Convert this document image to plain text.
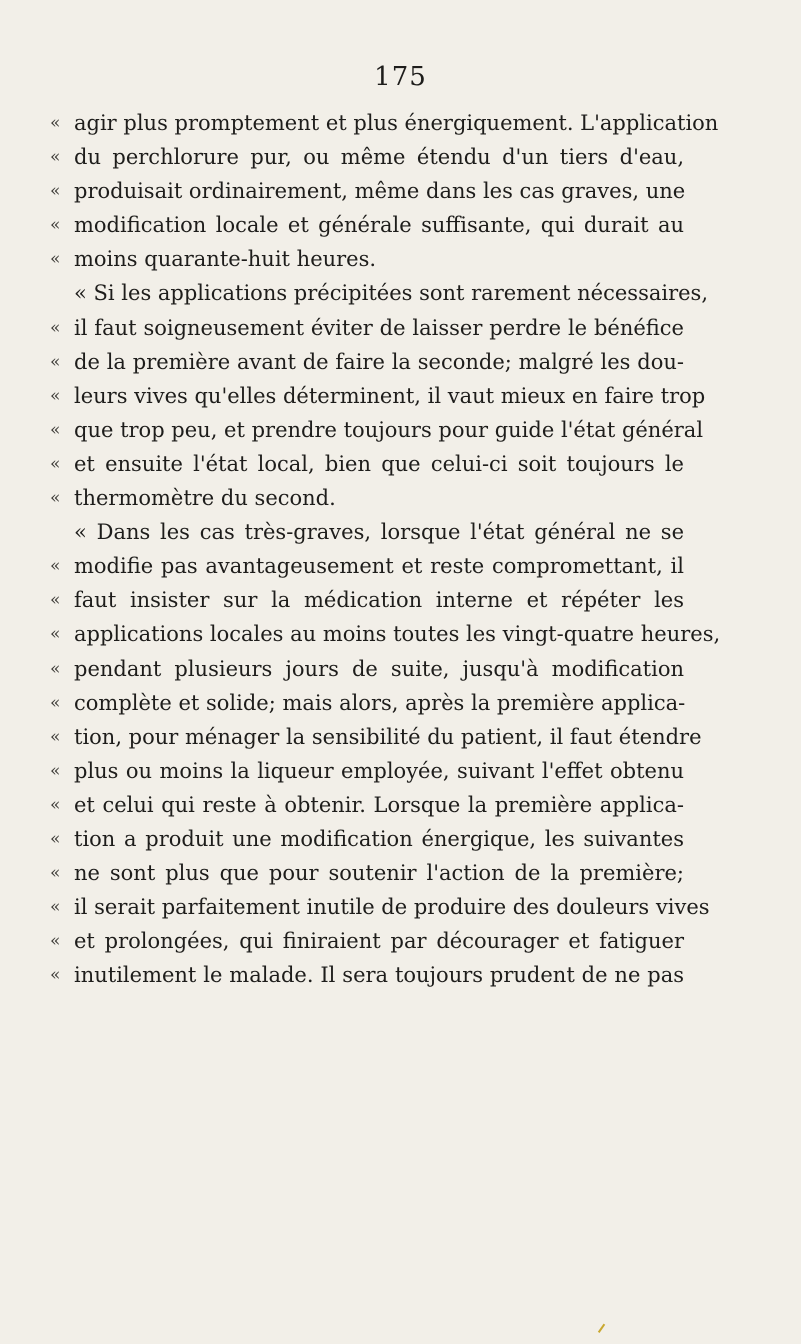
175
« agir plus promptement et plus énergiquement. L'application
« du perchlorure pur, ou même étendu d'un tiers d'eau,
« produisait ordinairement, même dans les cas graves, une
« modification locale et générale suffisante, qui durait au
« moins quarante-huit heures.
« Si les applications précipitées sont rarement nécessaires,
« il faut soigneusement éviter de laisser perdre le bénéfice
« de la première avant de faire la seconde; malgré les dou-
« leurs vives qu'elles déterminent, il vaut mieux en faire trop
« que trop peu, et prendre toujours pour guide l'état général
« et ensuite l'état local, bien que celui-ci soit toujours le
« thermomètre du second.
« Dans les cas très-graves, lorsque l'état général ne se
« modifie pas avantageusement et reste compromettant, il
« faut insister sur la médication interne et répéter les
« applications locales au moins toutes les vingt-quatre heures,
« pendant plusieurs jours de suite, jusqu'à modification
« complète et solide; mais alors, après la première applica-
« tion, pour ménager la sensibilité du patient, il faut étendre
« plus ou moins la liqueur employée, suivant l'effet obtenu
« et celui qui reste à obtenir. Lorsque la première applica-
« tion a produit une modification énergique, les suivantes
« ne sont plus que pour soutenir l'action de la première;
« il serait parfaitement inutile de produire des douleurs vives
« et prolongées, qui finiraient par décourager et fatiguer
« inutilement le malade. Il sera toujours prudent de ne pas
